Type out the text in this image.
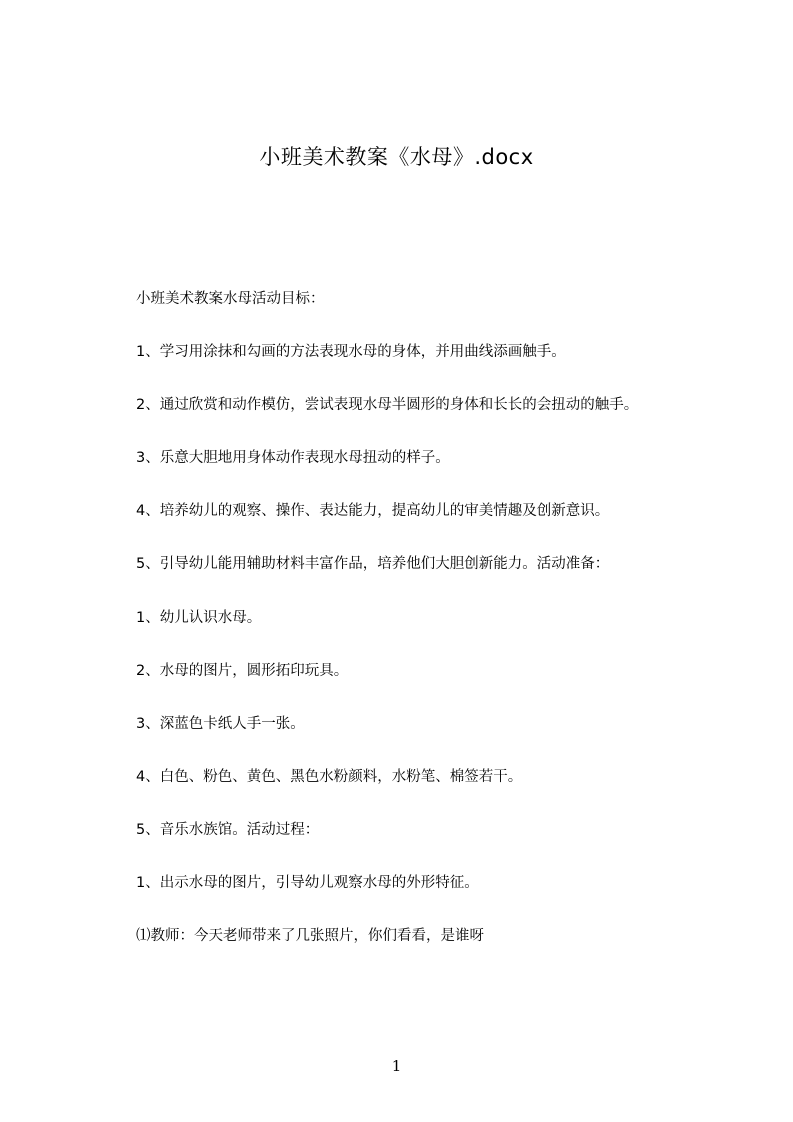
小班美术教案《水母》.docx
小班美术教案水母活动目标：
1、学习用涂抹和勾画的方法表现水母的身体，并用曲线添画触手。
2、通过欣赏和动作模仿，尝试表现水母半圆形的身体和长长的会扭动的触手。
3、乐意大胆地用身体动作表现水母扭动的样子。
4、培养幼儿的观察、操作、表达能力，提高幼儿的审美情趣及创新意识。
5、引导幼儿能用辅助材料丰富作品，培养他们大胆创新能力。活动准备：
1、幼儿认识水母。
2、水母的图片，圆形拓印玩具。
3、深蓝色卡纸人手一张。
4、白色、粉色、黄色、黑色水粉颜料，水粉笔、棉签若干。
5、音乐水族馆。活动过程：
1、出示水母的图片，引导幼儿观察水母的外形特征。
⑴教师：今天老师带来了几张照片，你们看看，是谁呀
1
